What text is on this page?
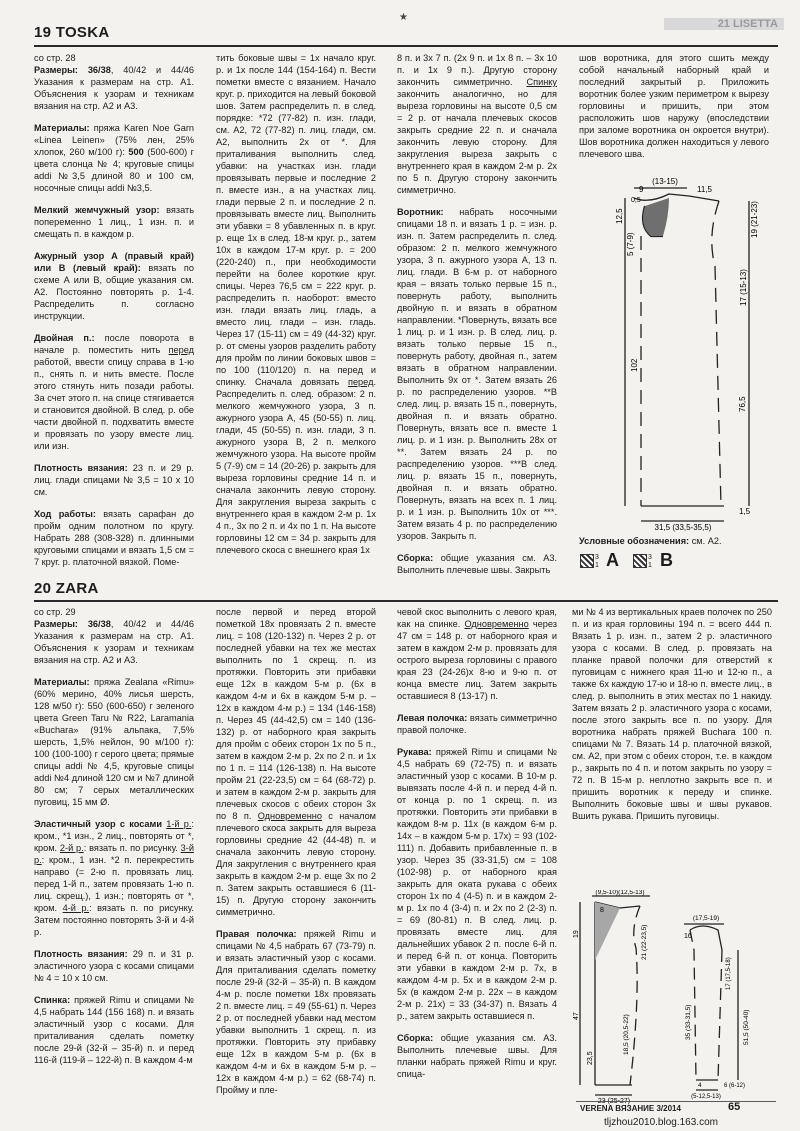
★
19 TOSKA	21 LISETTA

со стр. 28

Размеры: 36/38, 40/42 и 44/46 Указания к размерам на стр. А1. Объяснения к узорам и техникам вязания на стр. А2 и А3.

Материалы: пряжа Karen Noe Garn «Linea Leinen» (75% лен, 25% хлопок, 260 м/100 г): 500 (500-600) г цвета слонца № 4; круговые спицы addi №3,5 длиной 80 и 100 см, носочные спицы addi №3,5.

Мелкий жемчужный узор: вязать попеременно 1 лиц., 1 изн. п. и смещать п. в каждом р.

Ажурный узор А (правый край) или В (левый край): вязать по схеме А или В, общие указания см. А2. Постоянно повторять р. 1-4. Распределить п. согласно инструкции.

Двойная п.: после поворота в начале р. поместить нить перед работой, ввести спицу справа в 1-ю п., снять п. и нить вместе. После этого стянуть нить позади работы. За счет этого п. на спице стягивается и становится двойной. В след. р. обе части двойной п. подхватить вместе и провязать по узору вместе лиц. или изн.

Плотность вязания: 23 п. и 29 р. лиц. глади спицами № 3,5 = 10 х 10 см.

Ход работы: вязать сарафан до пройм одним полотном по кругу. Набрать 288 (308-328) п. длинными круговыми спицами и вязать 1,5 см = 7 круг. р. платочной вязкой. Поме-

тить боковые швы = 1х начало круг. р. и 1х после 144 (154-164) п. Вести пометки вместе с вязанием. Начало круг. р. приходится на левый боковой шов. Затем распределить п. в след. порядке: *72 (77-82) п. изн. глади, см. А2, 72 (77-82) п. лиц. глади, см. А2, выполнить 2х от *. Для приталивания выполнить след. убавки: на участках изн. глади провязывать первые и последние 2 п. вместе изн., а на участках лиц. глади первые 2 п. и последние 2 п. провязывать вместе лиц. Выполнить эти убавки = 8 убавленных п. в круг. р. еще 1х в след. 18-м круг. р., затем 10х в каждом 17-м круг. р. = 200 (220-240) п., при необходимости перейти на более короткие круг. спицы. Через 76,5 см = 222 круг. р. распределить п. наоборот: вместо изн. глади вязать лиц. гладь, а вместо лиц. глади – изн. гладь. Через 17 (15-11) см = 49 (44-32) круг. р. от смены узоров разделить работу для пройм по линии боковых швов = по 100 (110/120) п. на перед и спинку. Сначала довязать перед. Распределить п. след. образом: 2 п. мелкого жемчужного узора, 3 п. ажурного узора А, 45 (50-55) п. лиц. глади, 45 (50-55) п. изн. глади, 3 п. ажурного узора В, 2 п. мелкого жемчужного узора. На высоте пройм 5 (7-9) см = 14 (20-26) р. закрыть для выреза горловины средние 14 п. и сначала закончить левую сторону. Для закругления выреза закрыть с внутреннего края в каждом 2-м р. 1х 4 п., 3х по 2 п. и 4х по 1 п. На высоте горловины 12 см = 34 р. закрыть для плечевого скоса с внешнего края 1х

8 п. и 3х 7 п. (2х 9 п. и 1х 8 п. – 3х 10 п. и 1х 9 п.). Другую сторону закончить симметрично. Спинку закончить аналогично, но для выреза горловины на высоте 0,5 см = 2 р. от начала плечевых скосов закрыть средние 22 п. и сначала закончить левую сторону. Для закругления выреза закрыть с внутреннего края в каждом 2-м р. 2х по 5 п. Другую сторону закончить симметрично.

Воротник: набрать носочными спицами 18 п. и вязать 1 р. = изн. р. изн. п. Затем распределить п. след. образом: 2 п. мелкого жемчужного узора, 3 п. ажурного узора А, 13 п. лиц. глади. В 6-м р. от наборного края – вязать только первые 15 п., повернуть работу, выполнить двойную п. и вязать в обратном направлении. *Повернуть, вязать все 1 лиц. р. и 1 изн. р. В след. лиц. р. вязать только первые 15 п., повернуть работу, двойная п., затем вязать в обратном направлении. Выполнить 9х от *. Затем вязать 26 р. по распределению узоров. **В след. лиц. р. вязать 15 п., повернуть, двойная п. и вязать обратно. Повернуть, вязать все п. вместе 1 лиц. р. и 1 изн. р. Выполнить 28х от **. Затем вязать 24 р. по распределению узоров. ***В след. лиц. р. вязать 15 п., повернуть, двойная п. и вязать обратно. Повернуть, вязать на всех п. 1 лиц. р. и 1 изн. р. Выполнить 10х от ***. Затем вязать 4 р. по распределению узоров. Закрыть п.

Сборка: общие указания см. А3. Выполнить плечевые швы. Закрыть

шов воротника, для этого сшить между собой начальный наборный край и последний закрытый р. Приложить воротник более узким периметром к вырезу горловины и пришить, при этом расположить шов наружу (впоследствии при заломе воротника он окроется внутри). Шов воротника должен находиться у левого плечевого шва.

(13-15)
9	11,5
12,5	19 (21-23)
17 (15-13)
5 (7-9)
102
76,5
31,5 (33,5-35,5)
1,5
0,5
Условные обозначения: см. А2.
3
1 А	3
1 В
20 ZARA

со стр. 29

Размеры: 36/38, 40/42 и 44/46 Указания к размерам на стр. А1. Объяснения к узорам и техникам вязания на стр. А2 и А3.

Материалы: пряжа Zealana «Rimu» (60% мерино, 40% лисья шерсть, 128 м/50 г): 550 (600-650) г зеленого цвета Green Taru № R22, Laramania «Buchara» (91% альпака, 7,5% шерсть, 1,5% нейлон, 90 м/100 г): 100 (100-100) г серого цвета; прямые спицы addi № 4,5, круговые спицы addi №4 длиной 120 см и №7 длиной 80 см; 7 серых металлических пуговиц, 15 мм Ø.

Эластичный узор с косами 1-й р.: кром., *1 изн., 2 лиц., повторять от *, кром. 2-й р.: вязать п. по рисунку. 3-й р.: кром., 1 изн. *2 п. перекрестить направо (= 2-ю п. провязать лиц. перед 1-й п., затем провязать 1-ю п. лиц. скрещ.), 1 изн.; повторять от *, кром. 4-й р.: вязать п. по рисунку. Затем постоянно повторять 3-й и 4-й р.

Плотность вязания: 29 п. и 31 р. эластичного узора с косами спицами № 4 = 10 х 10 см.

Спинка: пряжей Rimu и спицами № 4,5 набрать 144 (156 168) п. и вязать эластичный узор с косами. Для приталивания сделать пометку после 29-й (32-й – 35-й) п. и перед 116-й (119-й – 122-й) п. В каждом 4-м

после первой и перед второй пометкой 18х провязать 2 п. вместе лиц. = 108 (120-132) п. Через 2 р. от последней убавки на тех же местах выполнить по 1 скрещ. п. из протяжки. Повторить эти прибавки еще 12х в каждом 5-м р. (6х в каждом 4-м и 6х в каждом 5-м р. – 12х в каждом 4-м р.) = 134 (146-158) п. Через 45 (44-42,5) см = 140 (136-132) р. от наборного края закрыть для пройм с обеих сторон 1х по 5 п., затем в каждом 2-м р. 2х по 2 п. и 1х по 1 п. = 114 (126-138) п. На высоте пройм 21 (22-23,5) см = 64 (68-72) р. и затем в каждом 2-м р. закрыть для плечевых скосов с обеих сторон 3х по 8 п. Одновременно с началом плечевого скоса закрыть для выреза горловины средние 42 (44-48) п. и сначала закончить левую сторону. Для закругления с внутреннего края закрыть в каждом 2-м р. еще 3х по 2 п. Затем закрыть оставшиеся 6 (11-15) п. Другую сторону закончить симметрично.

Правая полочка: пряжей Rimu и спицами № 4,5 набрать 67 (73-79) п. и вязать эластичный узор с косами. Для приталивания сделать пометку после 29-й (32-й – 35-й) п. В каждом 4-м р. после пометки 18х провязать 2 п. вместе лиц. = 49 (55-61) п. Через 2 р. от последней убавки над местом убавки выполнить 1 скрещ. п. из протяжки. Повторить эту прибавку еще 12х в каждом 5-м р. (6х в каждом 4-м и 6х в каждом 5-м р. – 12х в каждом 4-м р.) = 62 (68-74) п. Пройму и пле-

чевой скос выполнить с левого края, как на спинке. Одновременно через 47 см = 148 р. от наборного края и затем в каждом 2-м р. провязать для острого выреза горловины с правого края 23 (24-26)х 8-ю и 9-ю п. от конца вместе лиц. Затем закрыть оставшиеся 8 (13-17) п.

Левая полочка: вязать симметрично правой полочке.

Рукава: пряжей Rimu и спицами № 4,5 набрать 69 (72-75) п. и вязать эластичный узор с косами. В 10-м р. вывязать после 4-й п. и перед 4-й п. от конца р. по 1 скрещ. п. из протяжки. Повторить эти прибавки в каждом 8-м р. 11х (в каждом 6-м р. 14х – в каждом 5-м р. 17х) = 93 (102-111) п. Добавить прибавленные п. в узор. Через 35 (33-31,5) см = 108 (102-98) р. от наборного края закрыть для оката рукава с обеих сторон 1х по 4 (4-5) п. и в каждом 2-м р. 1х по 4 (3-4) п. и 2х по 2 (2-3) п. = 69 (80-81) п. В след. лиц. р. провязать вместе лиц. для дальнейших убавок 2 п. после 6-й п. и перед 6-й п. от конца. Повторить эти убавки в каждом 2-м р. 7х, в каждом 4-м р. 5х и в каждом 2-м р. 5х (в каждом 2-м р. 22х – в каждом 2-м р. 21х) = 33 (34-37) п. Вязать 4 р., затем закрыть оставшиеся п.

Сборка: общие указания см. А3. Выполнить плечевые швы. Для планки набрать пряжей Rimu и круг. спица-

ми № 4 из вертикальных краев полочек по 250 п. и из края горловины 194 п. = всего 444 п. Вязать 1 р. изн. п., затем 2 р. эластичного узора с косами. В след. р. провязать на планке правой полочки для отверстий к пуговицам с нижнего края 11-ю и 12-ю п., а также 6х каждую 17-ю и 18-ю п. вместе лиц., в след. р. выполнить в этих местах по 1 накиду. Затем вязать 2 р. эластичного узора с косами, после этого закрыть все п. по узору. Для воротника набрать пряжей Buchara 100 п. спицами № 7. Вязать 14 р. платочной вязкой, см. А2, при этом с обеих сторон, т.е. в каждом р., закрыть по 4 п. и потом закрыть по узору = 72 п. В 15-м р. неплотно закрыть все п. и пришить воротник к переду и спинке. Выполнить боковые швы и швы рукавов. Вшить рукава. Пришить пуговицы.

(9,5-10)(12,5-13)
8
19	21 (22-23,5)
47
23,5
18,5 (20,5-22)
23 (25-27)
(17,5-19)
16
17 (17,5-18)
35 (33-31,5)	51,5 (50-40)
4
(5-12,5-13)
6 (6-12)
VERENA ВЯЗАНИЕ 3/2014	65
tljzhou2010.blog.163.com
